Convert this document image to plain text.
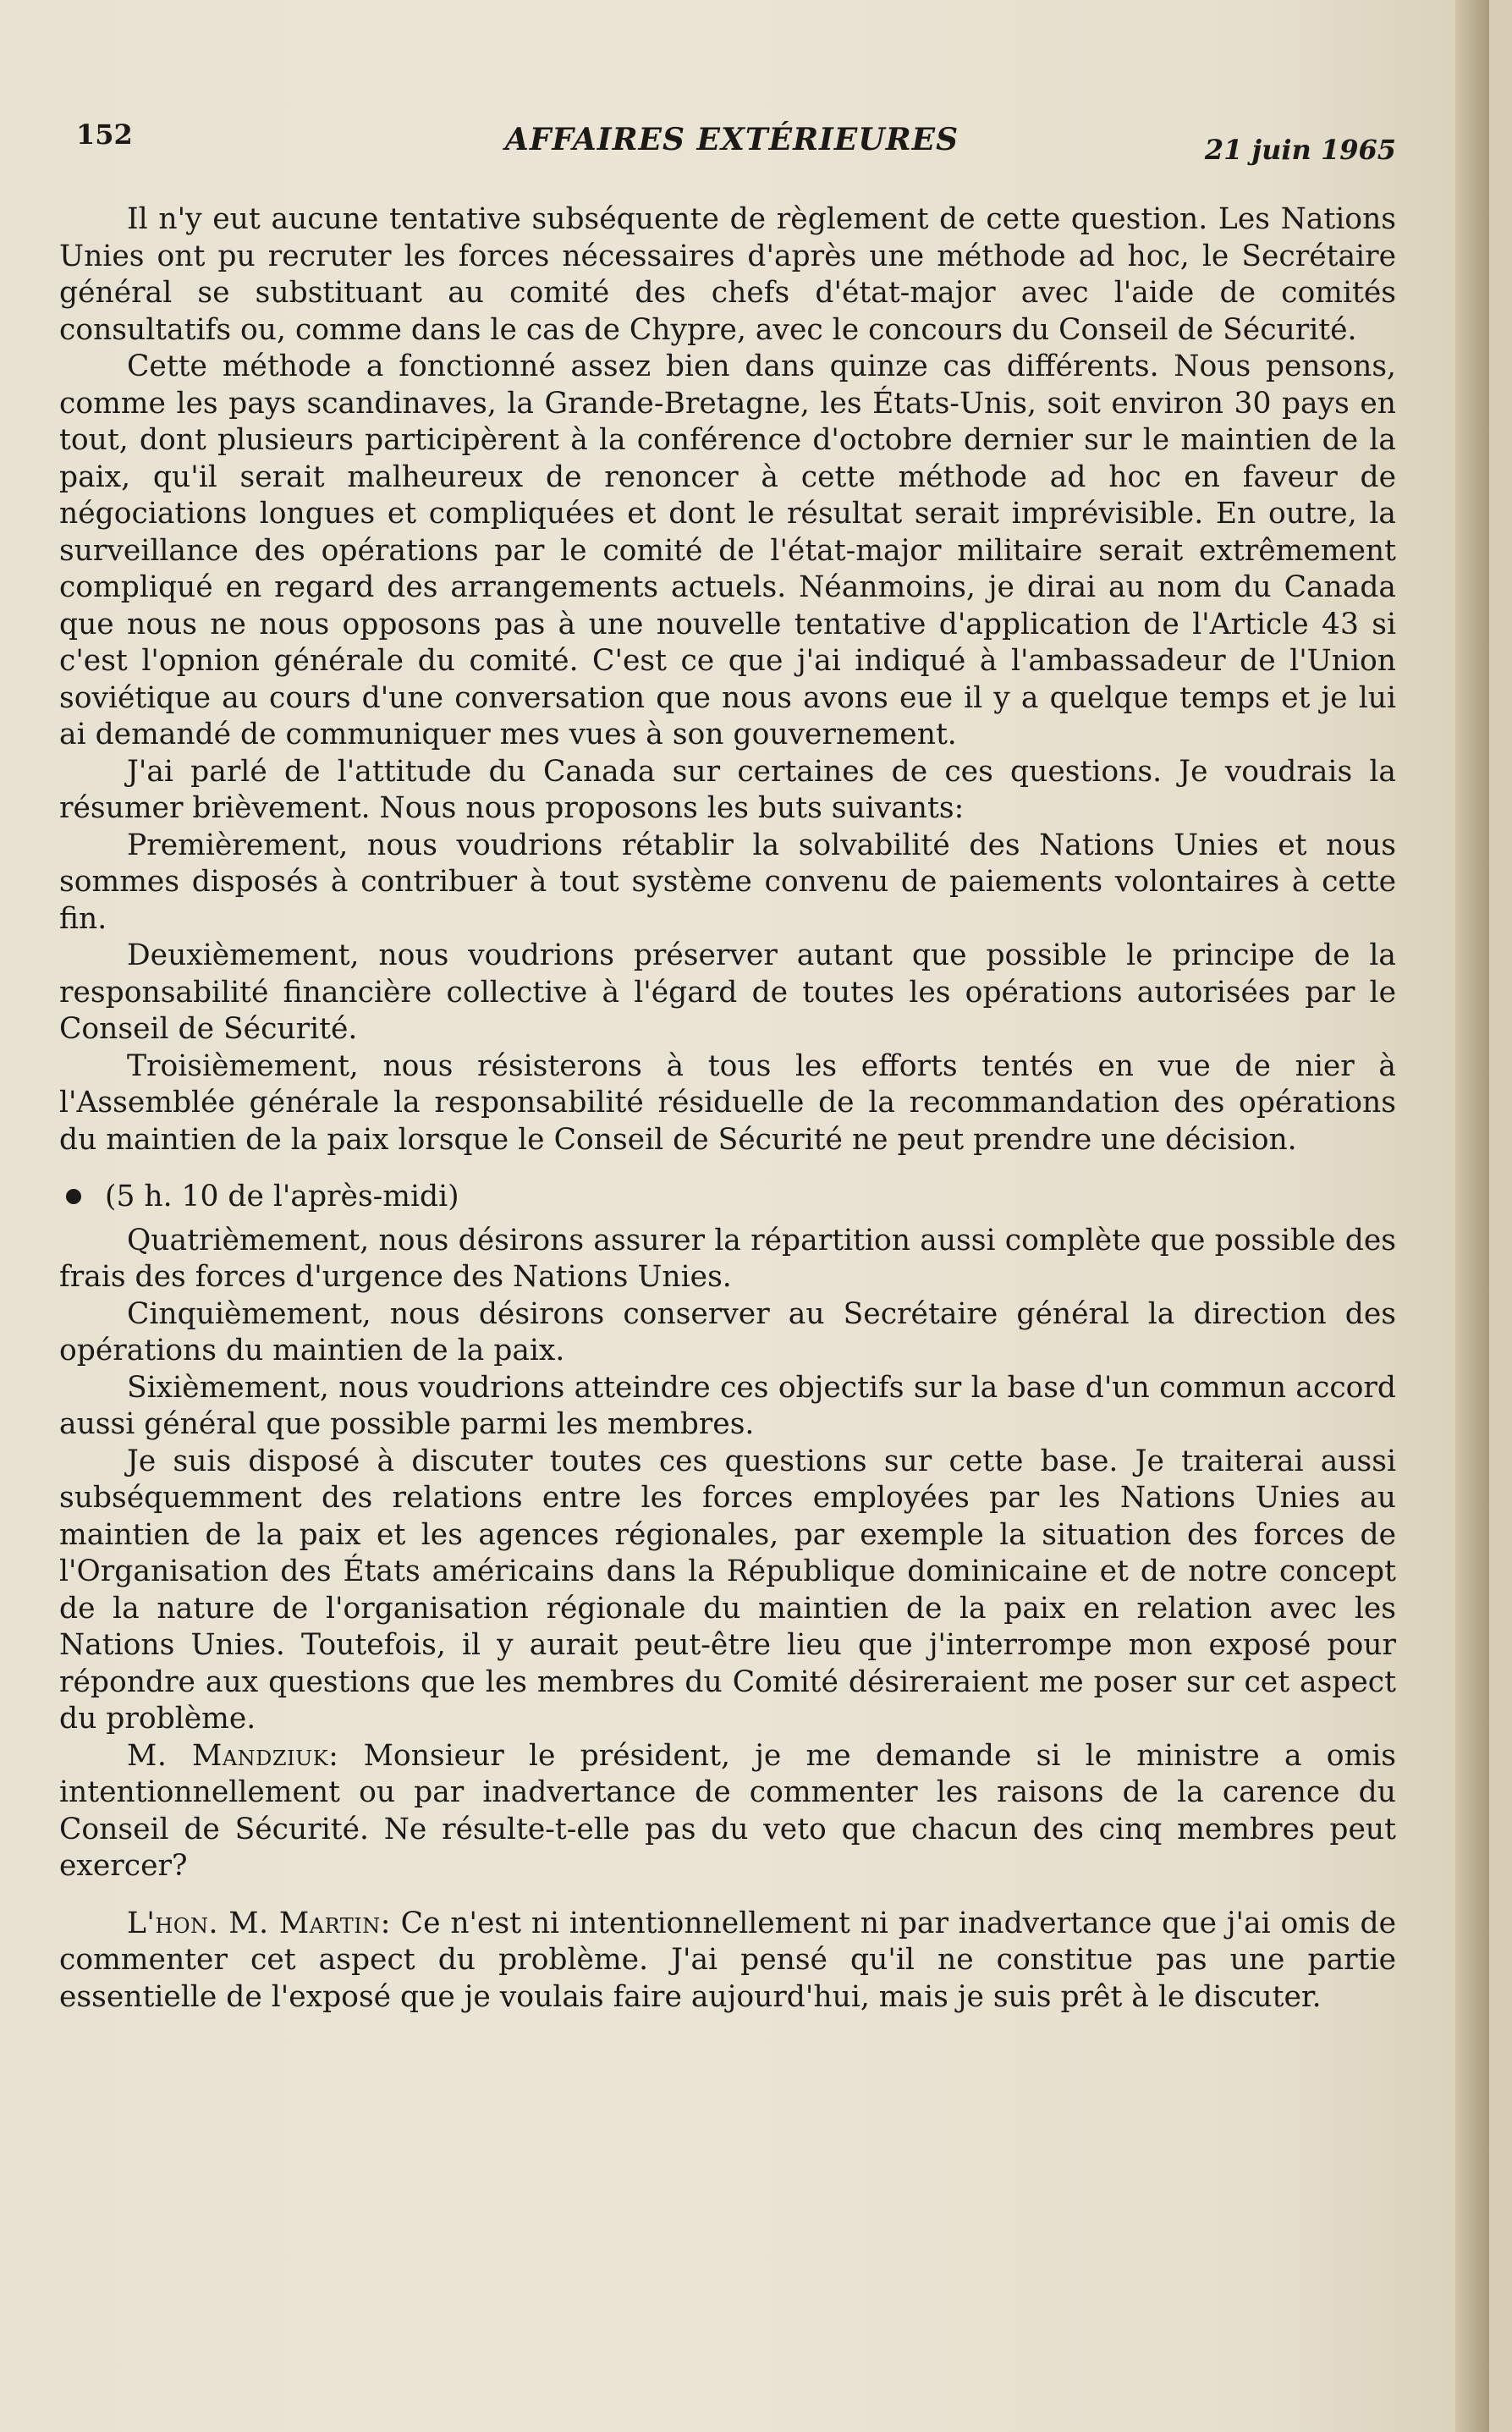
152	AFFAIRES EXTÉRIEURES	21 juin 1965

Il n'y eut aucune tentative subséquente de règlement de cette question. Les Nations Unies ont pu recruter les forces nécessaires d'après une méthode ad hoc, le Secrétaire général se substituant au comité des chefs d'état-major avec l'aide de comités consultatifs ou, comme dans le cas de Chypre, avec le concours du Conseil de Sécurité.

Cette méthode a fonctionné assez bien dans quinze cas différents. Nous pensons, comme les pays scandinaves, la Grande-Bretagne, les États-Unis, soit environ 30 pays en tout, dont plusieurs participèrent à la conférence d'octobre dernier sur le maintien de la paix, qu'il serait malheureux de renoncer à cette méthode ad hoc en faveur de négociations longues et compliquées et dont le résultat serait imprévisible. En outre, la surveillance des opérations par le comité de l'état-major militaire serait extrêmement compliqué en regard des arrangements actuels. Néanmoins, je dirai au nom du Canada que nous ne nous opposons pas à une nouvelle tentative d'application de l'Article 43 si c'est l'opnion générale du comité. C'est ce que j'ai indiqué à l'ambassadeur de l'Union soviétique au cours d'une conversation que nous avons eue il y a quelque temps et je lui ai demandé de communiquer mes vues à son gouvernement.

J'ai parlé de l'attitude du Canada sur certaines de ces questions. Je voudrais la résumer brièvement. Nous nous proposons les buts suivants:

Premièrement, nous voudrions rétablir la solvabilité des Nations Unies et nous sommes disposés à contribuer à tout système convenu de paiements volontaires à cette fin.

Deuxièmement, nous voudrions préserver autant que possible le principe de la responsabilité financière collective à l'égard de toutes les opérations autorisées par le Conseil de Sécurité.

Troisièmement, nous résisterons à tous les efforts tentés en vue de nier à l'Assemblée générale la responsabilité résiduelle de la recommandation des opérations du maintien de la paix lorsque le Conseil de Sécurité ne peut prendre une décision.

(5 h. 10 de l'après-midi)

Quatrièmement, nous désirons assurer la répartition aussi complète que possible des frais des forces d'urgence des Nations Unies.

Cinquièmement, nous désirons conserver au Secrétaire général la direction des opérations du maintien de la paix.

Sixièmement, nous voudrions atteindre ces objectifs sur la base d'un commun accord aussi général que possible parmi les membres.

Je suis disposé à discuter toutes ces questions sur cette base. Je traiterai aussi subséquemment des relations entre les forces employées par les Nations Unies au maintien de la paix et les agences régionales, par exemple la situation des forces de l'Organisation des États américains dans la République dominicaine et de notre concept de la nature de l'organisation régionale du maintien de la paix en relation avec les Nations Unies. Toutefois, il y aurait peut-être lieu que j'interrompe mon exposé pour répondre aux questions que les membres du Comité désireraient me poser sur cet aspect du problème.

M. Mandziuk: Monsieur le président, je me demande si le ministre a omis intentionnellement ou par inadvertance de commenter les raisons de la carence du Conseil de Sécurité. Ne résulte-t-elle pas du veto que chacun des cinq membres peut exercer?

L'hon. M. Martin: Ce n'est ni intentionnellement ni par inadvertance que j'ai omis de commenter cet aspect du problème. J'ai pensé qu'il ne constitue pas une partie essentielle de l'exposé que je voulais faire aujourd'hui, mais je suis prêt à le discuter.
